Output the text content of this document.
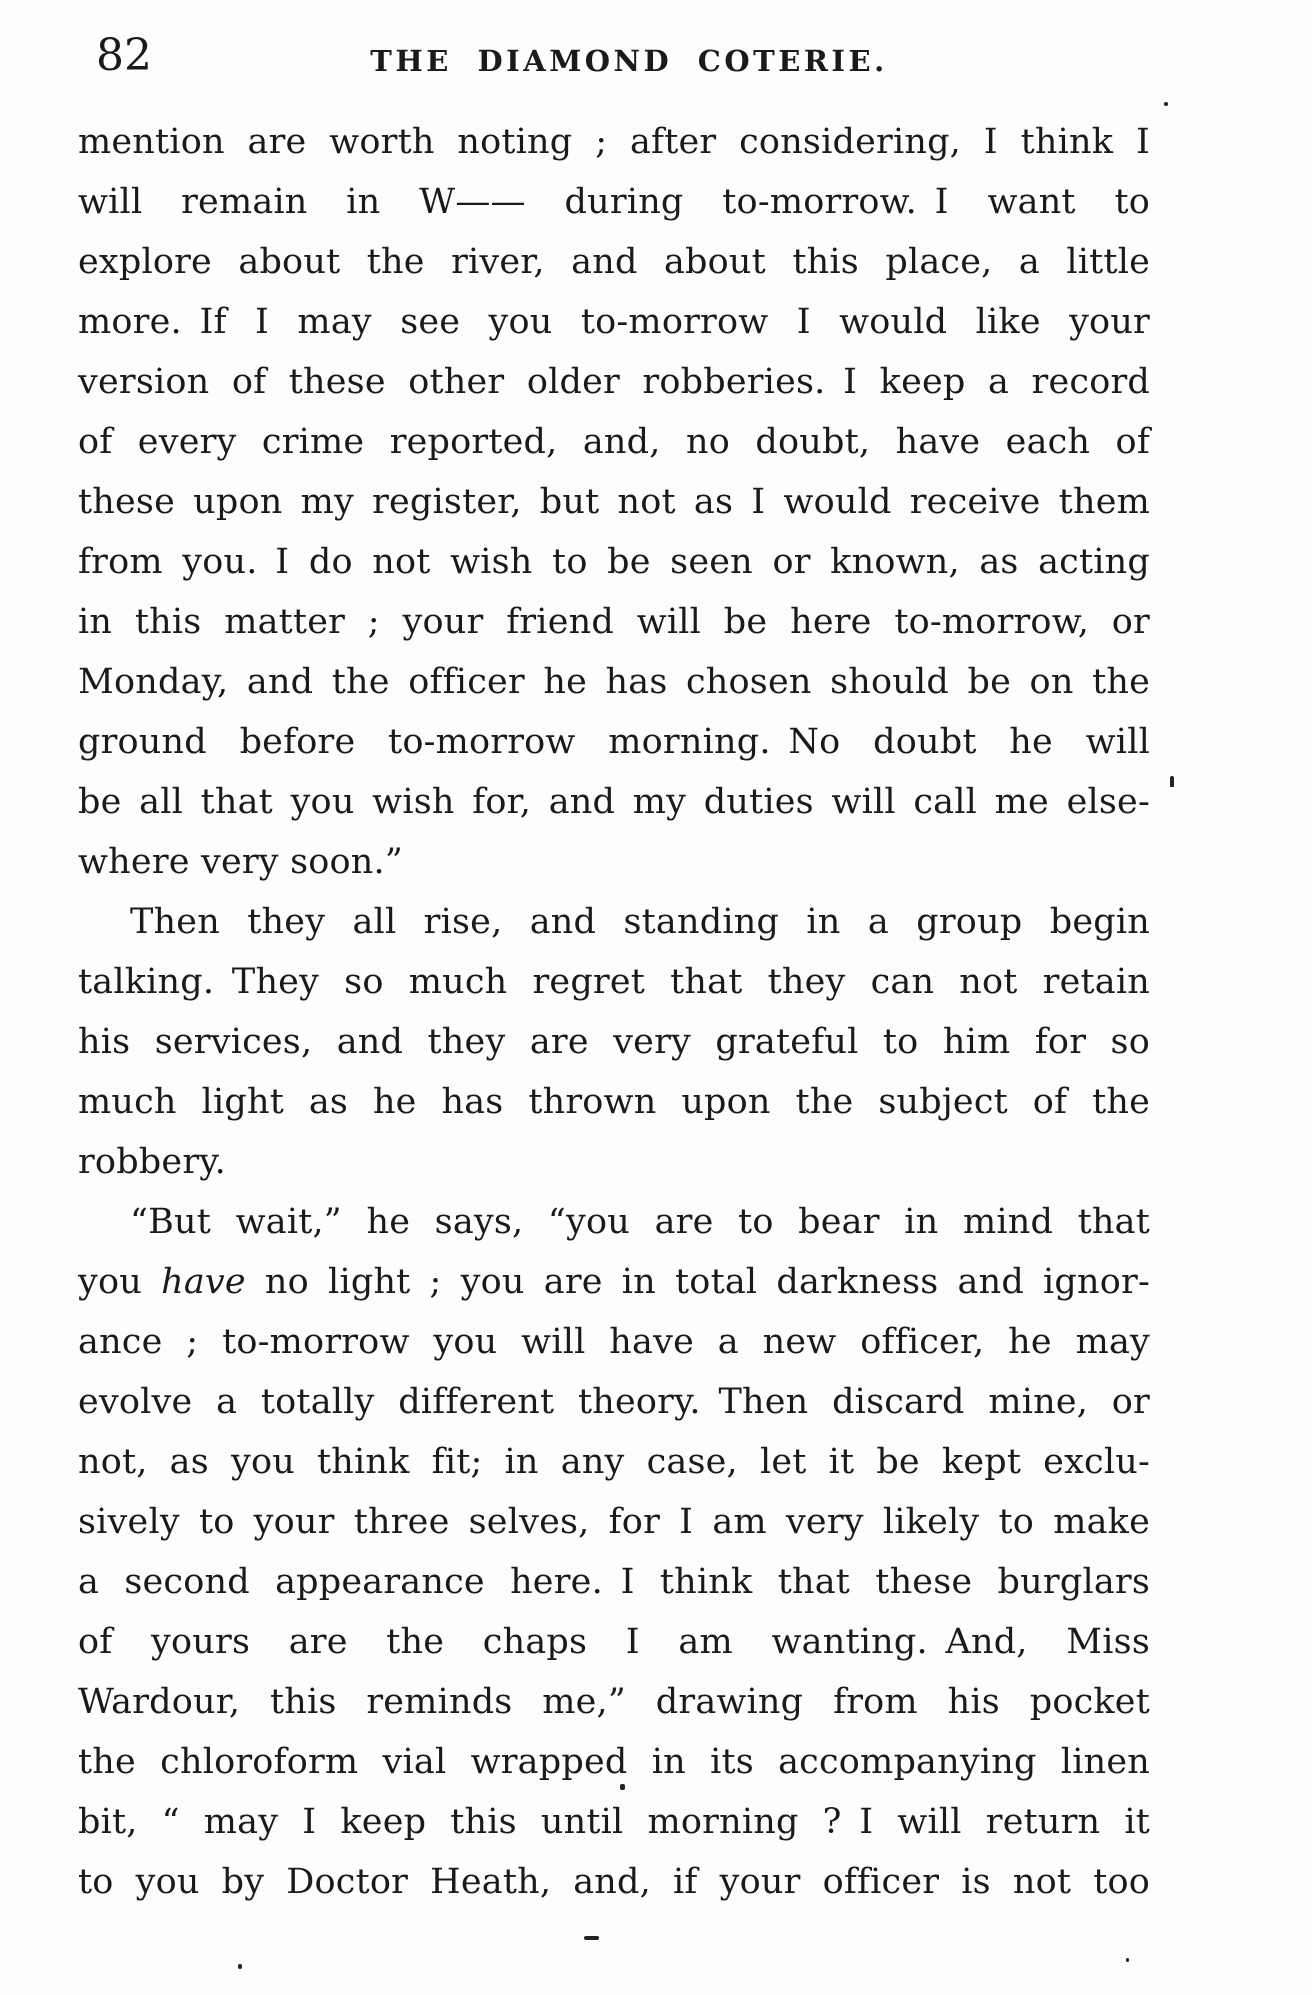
82	THE DIAMOND COTERIE.
mention are worth noting ; after considering, I think I
will remain in W—— during to-morrow. I want to
explore about the river, and about this place, a little
more. If I may see you to-morrow I would like your
version of these other older robberies. I keep a record
of every crime reported, and, no doubt, have each of
these upon my register, but not as I would receive them
from you. I do not wish to be seen or known, as acting
in this matter ; your friend will be here to-morrow, or
Monday, and the officer he has chosen should be on the
ground before to-morrow morning. No doubt he will
be all that you wish for, and my duties will call me else-
where very soon.”
Then they all rise, and standing in a group begin
talking. They so much regret that they can not retain
his services, and they are very grateful to him for so
much light as he has thrown upon the subject of the
robbery.
“But wait,” he says, “you are to bear in mind that
you have no light ; you are in total darkness and ignor-
ance ; to-morrow you will have a new officer, he may
evolve a totally different theory. Then discard mine, or
not, as you think fit; in any case, let it be kept exclu-
sively to your three selves, for I am very likely to make
a second appearance here. I think that these burglars
of yours are the chaps I am wanting. And, Miss
Wardour, this reminds me,” drawing from his pocket
the chloroform vial wrapped in its accompanying linen
bit, “ may I keep this until morning ? I will return it
to you by Doctor Heath, and, if your officer is not too
